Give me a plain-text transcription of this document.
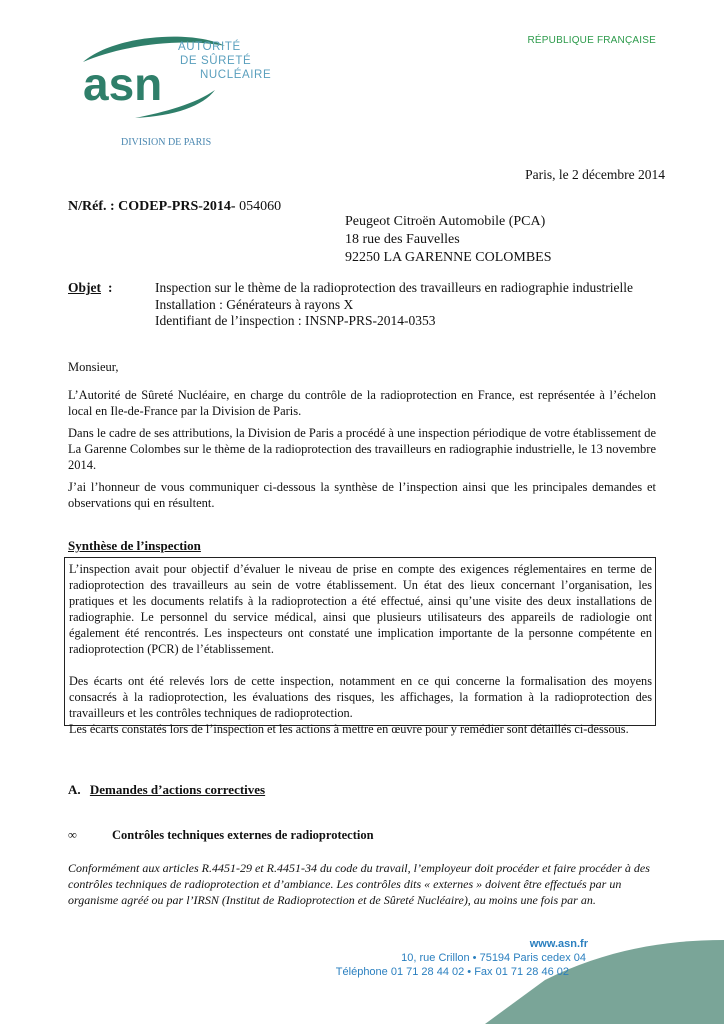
RÉPUBLIQUE FRANÇAISE
asn
AUTORITÉ
DE SÛRETÉ
NUCLÉAIRE
DIVISION DE PARIS
Paris, le 2 décembre 2014
N/Réf. : CODEP-PRS-2014- 054060
Peugeot Citroën Automobile (PCA)
18 rue des Fauvelles
92250 LA GARENNE COLOMBES
Objet :	Inspection sur le thème de la radioprotection des travailleurs en radiographie industrielle
Installation : Générateurs à rayons X
Identifiant de l’inspection : INSNP-PRS-2014-0353
Monsieur,
L’Autorité de Sûreté Nucléaire, en charge du contrôle de la radioprotection en France, est représentée à l’échelon local en Ile-de-France par la Division de Paris.
Dans le cadre de ses attributions, la Division de Paris a procédé à une inspection périodique de votre établissement de La Garenne Colombes sur le thème de la radioprotection des travailleurs en radiographie industrielle, le 13 novembre 2014.
J’ai l’honneur de vous communiquer ci-dessous la synthèse de l’inspection ainsi que les principales demandes et observations qui en résultent.
Synthèse de l’inspection

L’inspection avait pour objectif d’évaluer le niveau de prise en compte des exigences réglementaires en terme de radioprotection des travailleurs au sein de votre établissement. Un état des lieux concernant l’organisation, les pratiques et les documents relatifs à la radioprotection a été effectué, ainsi qu’une visite des deux installations de radiographie. Le personnel du service médical, ainsi que plusieurs utilisateurs des appareils de radiologie ont également été rencontrés. Les inspecteurs ont constaté une implication importante de la personne compétente en radioprotection (PCR) de l’établissement.

Des écarts ont été relevés lors de cette inspection, notamment en ce qui concerne la formalisation des moyens consacrés à la radioprotection, les évaluations des risques, les affichages, la formation à la radioprotection des travailleurs et les contrôles techniques de radioprotection.

Les écarts constatés lors de l’inspection et les actions à mettre en œuvre pour y remédier sont détaillés ci-dessous.

A. Demandes d’actions correctives
∞	Contrôles techniques externes de radioprotection
Conformément aux articles R.4451-29 et R.4451-34 du code du travail, l’employeur doit procéder et faire procéder à des contrôles techniques de radioprotection et d’ambiance. Les contrôles dits « externes » doivent être effectués par un organisme agréé ou par l’IRSN (Institut de Radioprotection et de Sûreté Nucléaire), au moins une fois par an.
www.asn.fr
10, rue Crillon • 75194 Paris cedex 04
Téléphone 01 71 28 44 02 • Fax 01 71 28 46 02
